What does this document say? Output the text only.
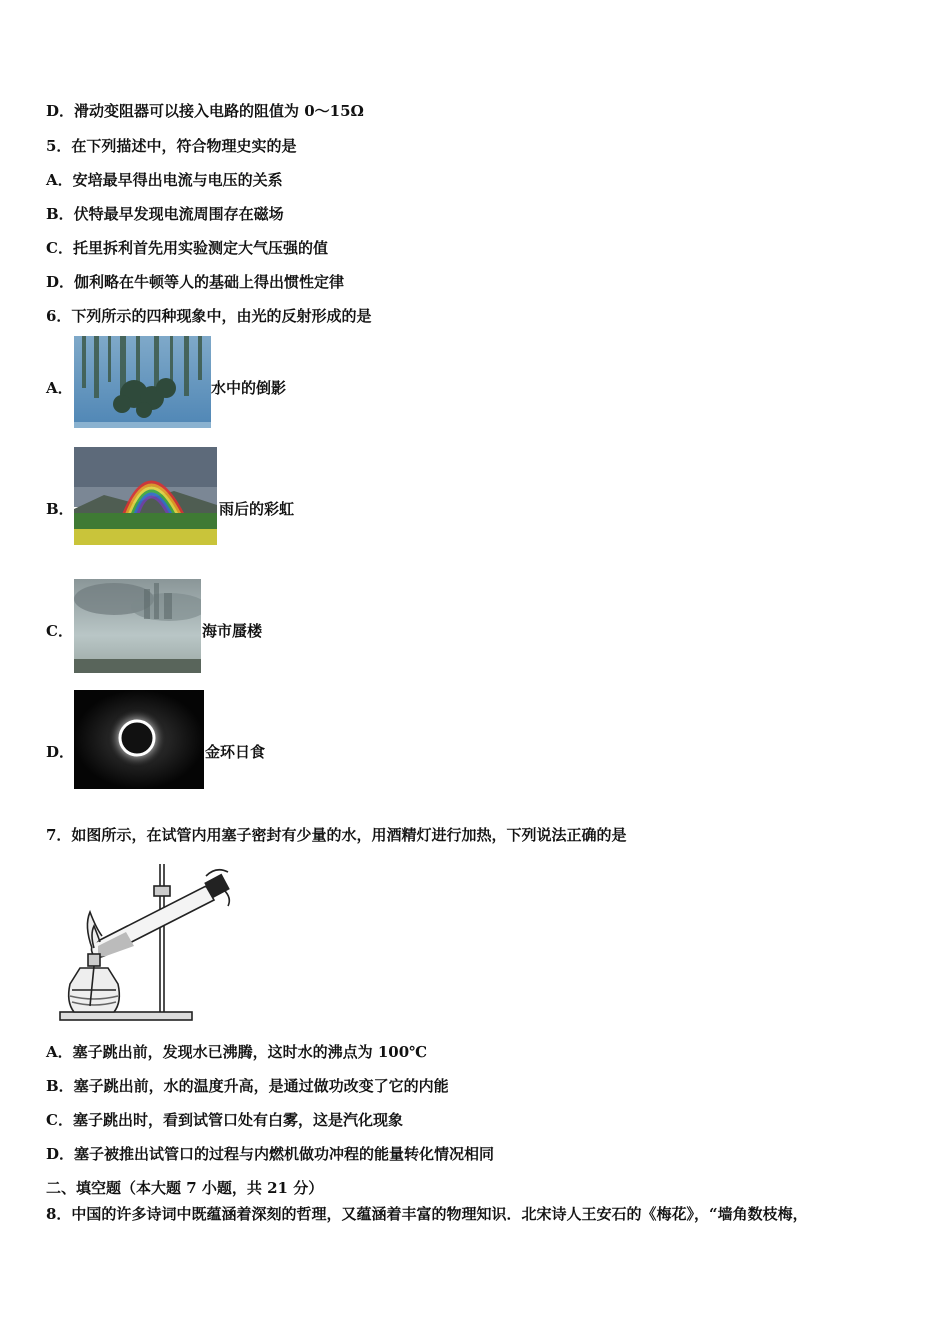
D．滑动变阻器可以接入电路的阻值为 0～15Ω
5．在下列描述中，符合物理史实的是
A．安培最早得出电流与电压的关系
B．伏特最早发现电流周围存在磁场
C．托里拆利首先用实验测定大气压强的值
D．伽利略在牛顿等人的基础上得出惯性定律
6．下列所示的四种现象中，由光的反射形成的是
A．	水中的倒影
B．	雨后的彩虹
C．	海市蜃楼
D．	金环日食
7．如图所示，在试管内用塞子密封有少量的水，用酒精灯进行加热，下列说法正确的是
A．塞子跳出前，发现水已沸腾，这时水的沸点为 100℃
B．塞子跳出前，水的温度升高，是通过做功改变了它的内能
C．塞子跳出时，看到试管口处有白雾，这是汽化现象
D．塞子被推出试管口的过程与内燃机做功冲程的能量转化情况相同
二、填空题（本大题 7 小题，共 21 分）
8．中国的许多诗词中既蕴涵着深刻的哲理，又蕴涵着丰富的物理知识．北宋诗人王安石的《梅花》，“墙角数枝梅，
